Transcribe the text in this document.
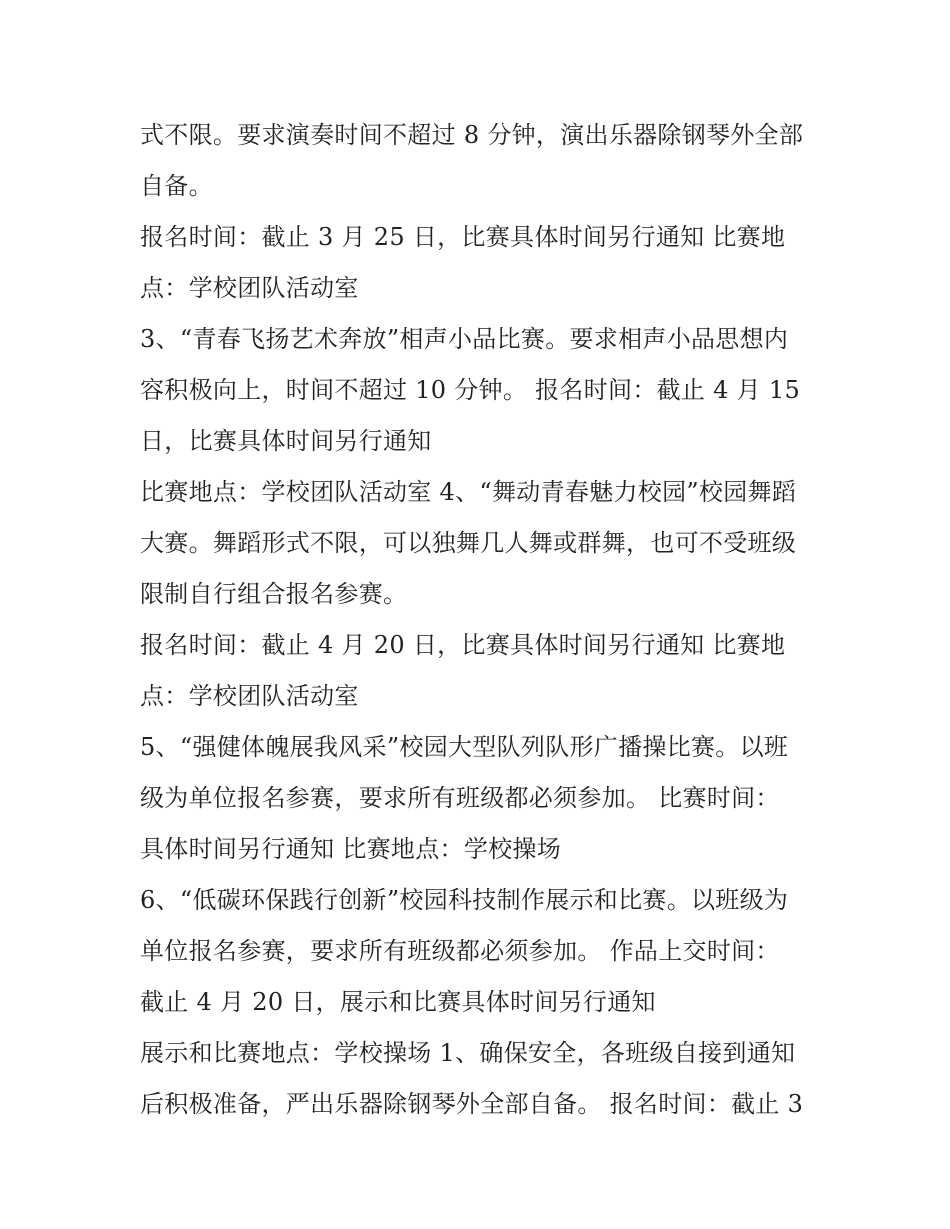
式不限。要求演奏时间不超过 8 分钟，演出乐器除钢琴外全部
自备。
报名时间：截止 3 月 25 日，比赛具体时间另行通知 比赛地
点：学校团队活动室
3、“青春飞扬艺术奔放”相声小品比赛。要求相声小品思想内
容积极向上，时间不超过 10 分钟。 报名时间：截止 4 月 15
日，比赛具体时间另行通知
比赛地点：学校团队活动室 4、“舞动青春魅力校园”校园舞蹈
大赛。舞蹈形式不限，可以独舞几人舞或群舞，也可不受班级
限制自行组合报名参赛。
报名时间：截止 4 月 20 日，比赛具体时间另行通知 比赛地
点：学校团队活动室
5、“强健体魄展我风采”校园大型队列队形广播操比赛。以班
级为单位报名参赛，要求所有班级都必须参加。 比赛时间：
具体时间另行通知 比赛地点：学校操场
6、“低碳环保践行创新”校园科技制作展示和比赛。以班级为
单位报名参赛，要求所有班级都必须参加。 作品上交时间：
截止 4 月 20 日，展示和比赛具体时间另行通知
展示和比赛地点：学校操场 1、确保安全，各班级自接到通知
后积极准备，严出乐器除钢琴外全部自备。 报名时间：截止 3
